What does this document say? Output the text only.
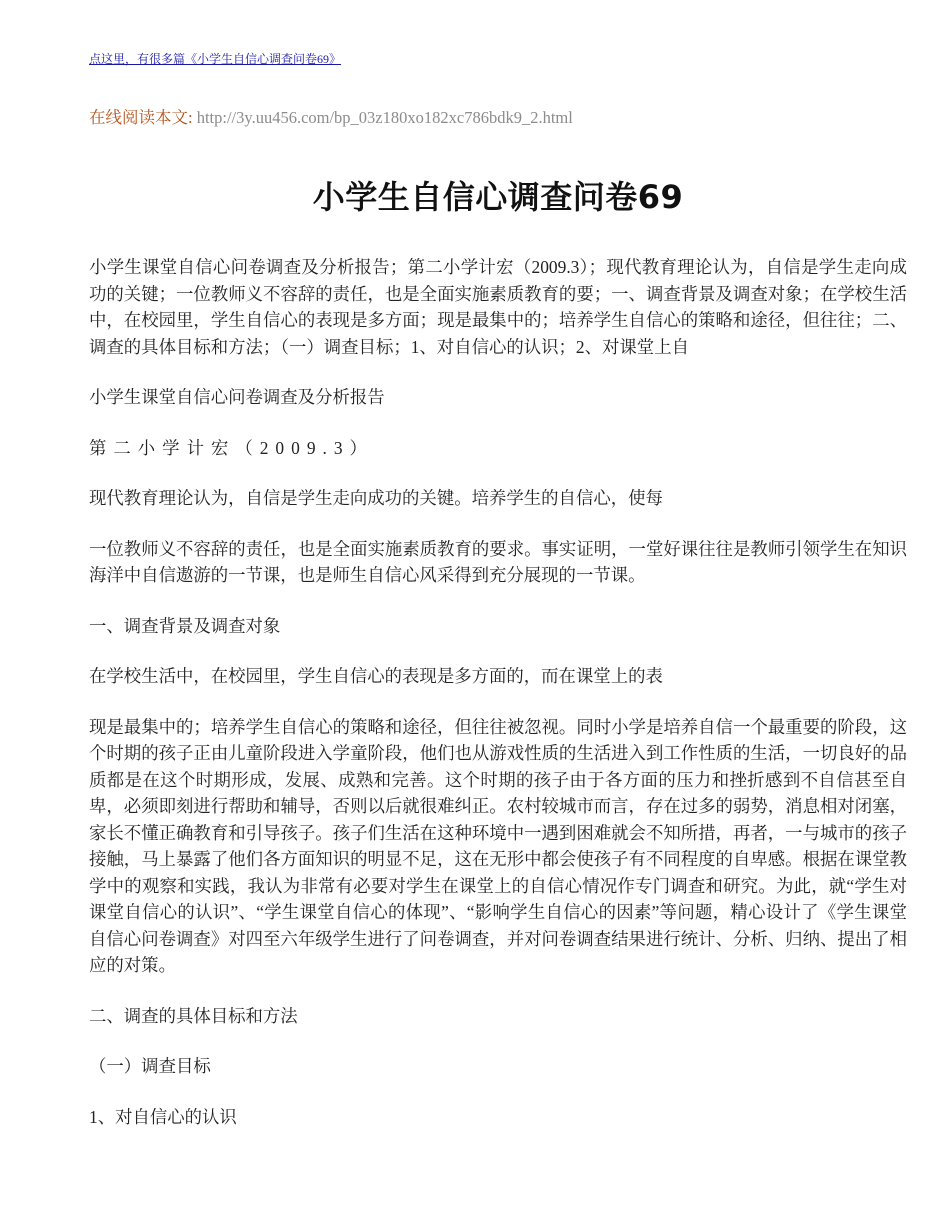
点这里，有很多篇《小学生自信心调查问卷69》
在线阅读本文: http://3y.uu456.com/bp_03z180xo182xc786bdk9_2.html
小学生自信心调查问卷69

小学生课堂自信心问卷调查及分析报告；第二小学计宏（2009.3）；现代教育理论认为，自信是学生走向成功的关键；一位教师义不容辞的责任，也是全面实施素质教育的要；一、调查背景及调查对象；在学校生活中，在校园里，学生自信心的表现是多方面；现是最集中的；培养学生自信心的策略和途径，但往往；二、调查的具体目标和方法；（一）调查目标；1、对自信心的认识；2、对课堂上自

小学生课堂自信心问卷调查及分析报告

第二小学计宏（2009.3）

现代教育理论认为，自信是学生走向成功的关键。培养学生的自信心，使每

一位教师义不容辞的责任，也是全面实施素质教育的要求。事实证明，一堂好课往往是教师引领学生在知识海洋中自信遨游的一节课，也是师生自信心风采得到充分展现的一节课。

一、调查背景及调查对象

在学校生活中，在校园里，学生自信心的表现是多方面的，而在课堂上的表

现是最集中的；培养学生自信心的策略和途径，但往往被忽视。同时小学是培养自信一个最重要的阶段，这个时期的孩子正由儿童阶段进入学童阶段，他们也从游戏性质的生活进入到工作性质的生活，一切良好的品质都是在这个时期形成，发展、成熟和完善。这个时期的孩子由于各方面的压力和挫折感到不自信甚至自卑，必须即刻进行帮助和辅导，否则以后就很难纠正。农村较城市而言，存在过多的弱势，消息相对闭塞，家长不懂正确教育和引导孩子。孩子们生活在这种环境中一遇到困难就会不知所措，再者，一与城市的孩子接触，马上暴露了他们各方面知识的明显不足，这在无形中都会使孩子有不同程度的自卑感。根据在课堂教学中的观察和实践，我认为非常有必要对学生在课堂上的自信心情况作专门调查和研究。为此，就“学生对课堂自信心的认识”、“学生课堂自信心的体现”、“影响学生自信心的因素”等问题，精心设计了《学生课堂自信心问卷调查》对四至六年级学生进行了问卷调查，并对问卷调查结果进行统计、分析、归纳、提出了相应的对策。

二、调查的具体目标和方法

（一）调查目标

1、对自信心的认识
